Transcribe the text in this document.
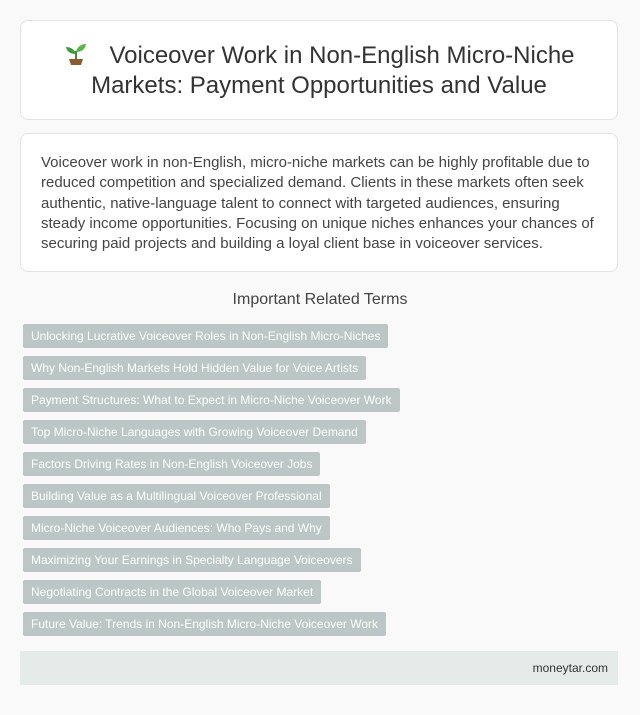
Voiceover Work in Non-English Micro-Niche Markets: Payment Opportunities and Value

Voiceover work in non-English, micro-niche markets can be highly profitable due to reduced competition and specialized demand. Clients in these markets often seek authentic, native-language talent to connect with targeted audiences, ensuring steady income opportunities. Focusing on unique niches enhances your chances of securing paid projects and building a loyal client base in voiceover services.

Important Related Terms
Unlocking Lucrative Voiceover Roles in Non-English Micro-Niches
Why Non-English Markets Hold Hidden Value for Voice Artists
Payment Structures: What to Expect in Micro-Niche Voiceover Work
Top Micro-Niche Languages with Growing Voiceover Demand
Factors Driving Rates in Non-English Voiceover Jobs
Building Value as a Multilingual Voiceover Professional
Micro-Niche Voiceover Audiences: Who Pays and Why
Maximizing Your Earnings in Specialty Language Voiceovers
Negotiating Contracts in the Global Voiceover Market
Future Value: Trends in Non-English Micro-Niche Voiceover Work
moneytar.com
